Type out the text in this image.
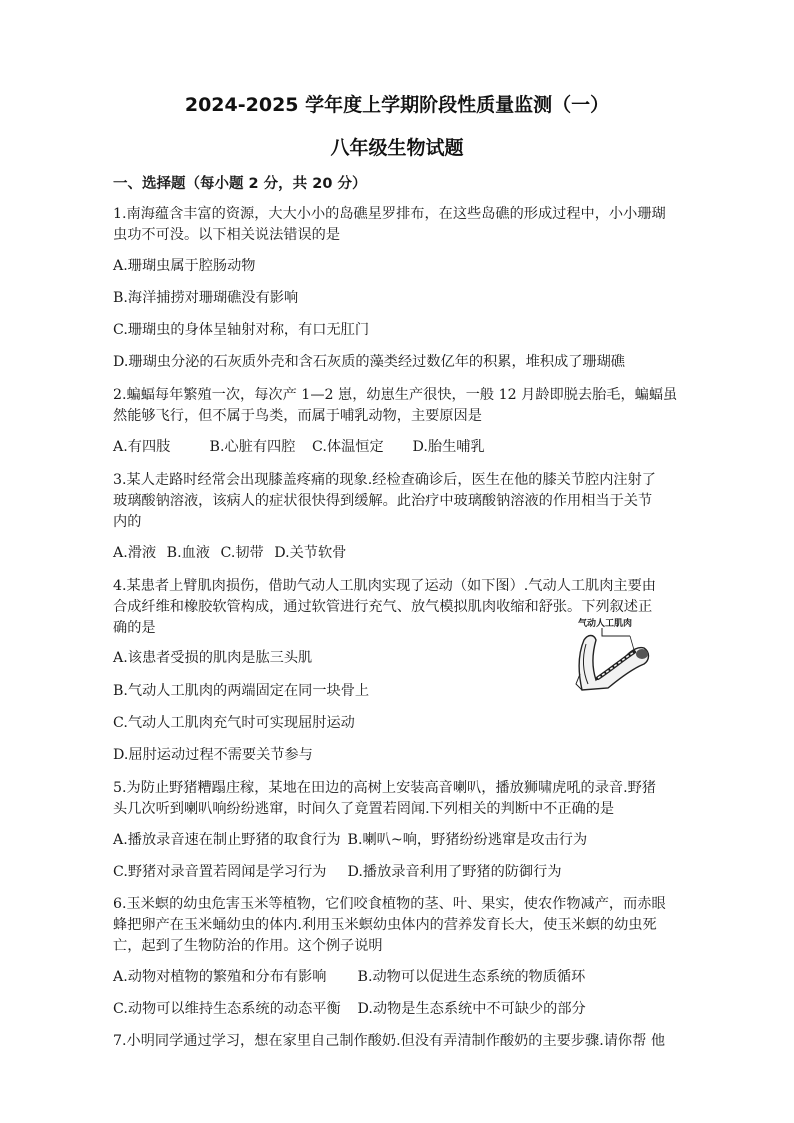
2024-2025 学年度上学期阶段性质量监测（一）
八年级生物试题
一、选择题（每小题 2 分，共 20 分）
1.南海蕴含丰富的资源，大大小小的岛礁星罗排布，在这些岛礁的形成过程中，小小珊瑚
虫功不可没。以下相关说法错误的是
A.珊瑚虫属于腔肠动物
B.海洋捕捞对珊瑚礁没有影响
C.珊瑚虫的身体呈轴射对称，有口无肛门
D.珊瑚虫分泌的石灰质外壳和含石灰质的藻类经过数亿年的积累，堆积成了珊瑚礁
2.蝙蝠每年繁殖一次，每次产 1—2 崽，幼崽生产很快，一般 12 月龄即脱去胎毛，蝙蝠虽
然能够飞行，但不属于鸟类，而属于哺乳动物，主要原因是
A.有四肢	B.心脏有四腔 C.体温恒定 D.胎生哺乳
3.某人走路时经常会出现膝盖疼痛的现象.经检查确诊后，医生在他的膝关节腔内注射了
玻璃酸钠溶液，该病人的症状很快得到缓解。此治疗中玻璃酸钠溶液的作用相当于关节
内的
A.滑液 B.血液 C.韧带 D.关节软骨
4.某患者上臂肌肉损伤，借助气动人工肌肉实现了运动（如下图）.气动人工肌肉主要由
合成纤维和橡胶软管构成，通过软管进行充气、放气模拟肌肉收缩和舒张。下列叙述正
确的是
A.该患者受损的肌肉是肱三头肌
B.气动人工肌肉的两端固定在同一块骨上
C.气动人工肌肉充气时可实现屈肘运动
D.屈肘运动过程不需要关节参与
气动人工肌肉
5.为防止野猪糟蹋庄稼，某地在田边的高树上安装高音喇叭，播放狮啸虎吼的录音.野猪
头几次听到喇叭响纷纷逃窜，时间久了竟置若罔闻.下列相关的判断中不正确的是
A.播放录音速在制止野猪的取食行为 B.喇叭~响，野猪纷纷逃窜是攻击行为
C.野猪对录音置若罔闻是学习行为 D.播放录音利用了野猪的防御行为
6.玉米螟的幼虫危害玉米等植物，它们咬食植物的茎、叶、果实，使农作物减产，而赤眼
蜂把卵产在玉米蛹幼虫的体内.利用玉米螟幼虫体内的营养发育长大，使玉米螟的幼虫死
亡，起到了生物防治的作用。这个例子说明
A.动物对植物的繁殖和分布有影响 B.动物可以促进生态系统的物质循环
C.动物可以维持生态系统的动态平衡 D.动物是生态系统中不可缺少的部分
7.小明同学通过学习，想在家里自己制作酸奶.但没有弄清制作酸奶的主要步骤.请你帮 他
